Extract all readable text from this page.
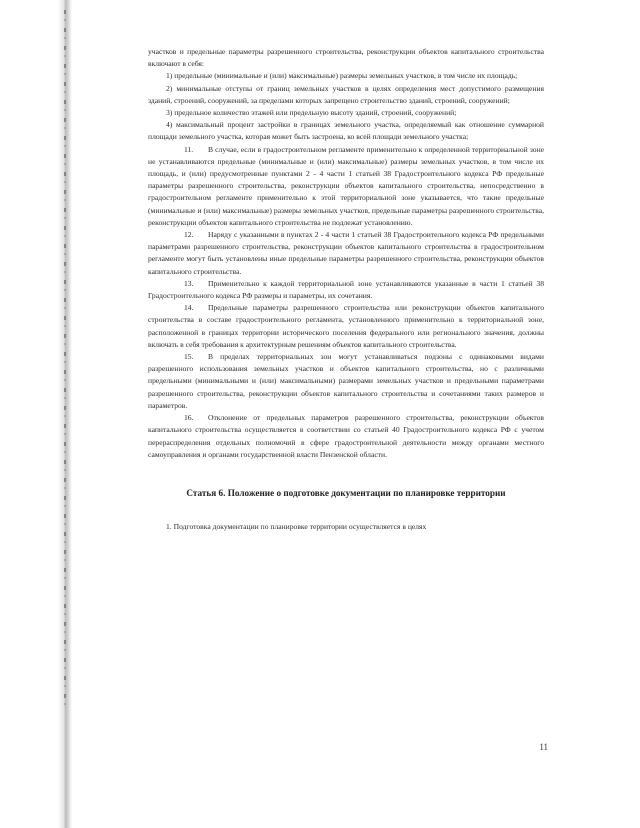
участков и предельные параметры разрешенного строительства, реконструкции объектов капитального строительства включают в себя:

1) предельные (минимальные и (или) максимальные) размеры земельных участков, в том числе их площадь;

2) минимальные отступы от границ земельных участков в целях определения мест допустимого размещения зданий, строений, сооружений, за пределами которых запрещено строительство зданий, строений, сооружений;

3) предельное количество этажей или предельную высоту зданий, строений, сооружений;

4) максимальный процент застройки в границах земельного участка, определяемый как отношение суммарной площади земельного участка, которая может быть застроена, ко всей площади земельного участка;

11. В случае, если в градостроительном регламенте применительно к определенной территориальной зоне не устанавливаются предельные (минимальные и (или) максимальные) размеры земельных участков, в том числе их площадь, и (или) предусмотренные пунктами 2 - 4 части 1 статьей 38 Градостроительного кодекса РФ предельные параметры разрешенного строительства, реконструкции объектов капитального строительства, непосредственно в градостроительном регламенте применительно к этой территориальной зоне указывается, что такие предельные (минимальные и (или) максимальные) размеры земельных участков, предельные параметры разрешенного строительства, реконструкции объектов капитального строительства не подлежат установлению.

12. Наряду с указанными в пунктах 2 - 4 части 1 статьей 38 Градостроительного кодекса РФ предельными параметрами разрешенного строительства, реконструкции объектов капитального строительства в градостроительном регламенте могут быть установлены иные предельные параметры разрешенного строительства, реконструкции объектов капитального строительства.

13. Применительно к каждой территориальной зоне устанавливаются указанные в части 1 статьей 38 Градостроительного кодекса РФ размеры и параметры, их сочетания.

14. Предельные параметры разрешенного строительства или реконструкции объектов капитального строительства в составе градостроительного регламента, установленного применительно к территориальной зоне, расположенной в границах территории исторического поселения федерального или регионального значения, должны включать в себя требования к архитектурным решениям объектов капитального строительства.

15. В пределах территориальных зон могут устанавливаться подзоны с одинаковыми видами разрешенного использования земельных участков и объектов капитального строительства, но с различными предельными (минимальными и (или) максимальными) размерами земельных участков и предельными параметрами разрешенного строительства, реконструкции объектов капитального строительства и сочетаниями таких размеров и параметров.

16. Отклонение от предельных параметров разрешенного строительства, реконструкции объектов капитального строительства осуществляется в соответствии со статьей 40 Градостроительного кодекса РФ с учетом перераспределения отдельных полномочий в сфере градостроительной деятельности между органами местного самоуправления и органами государственной власти Пензенской области.

Статья 6. Положение о подготовке документации по планировке территории

1. Подготовка документации по планировке территории осуществляется в целях

11
